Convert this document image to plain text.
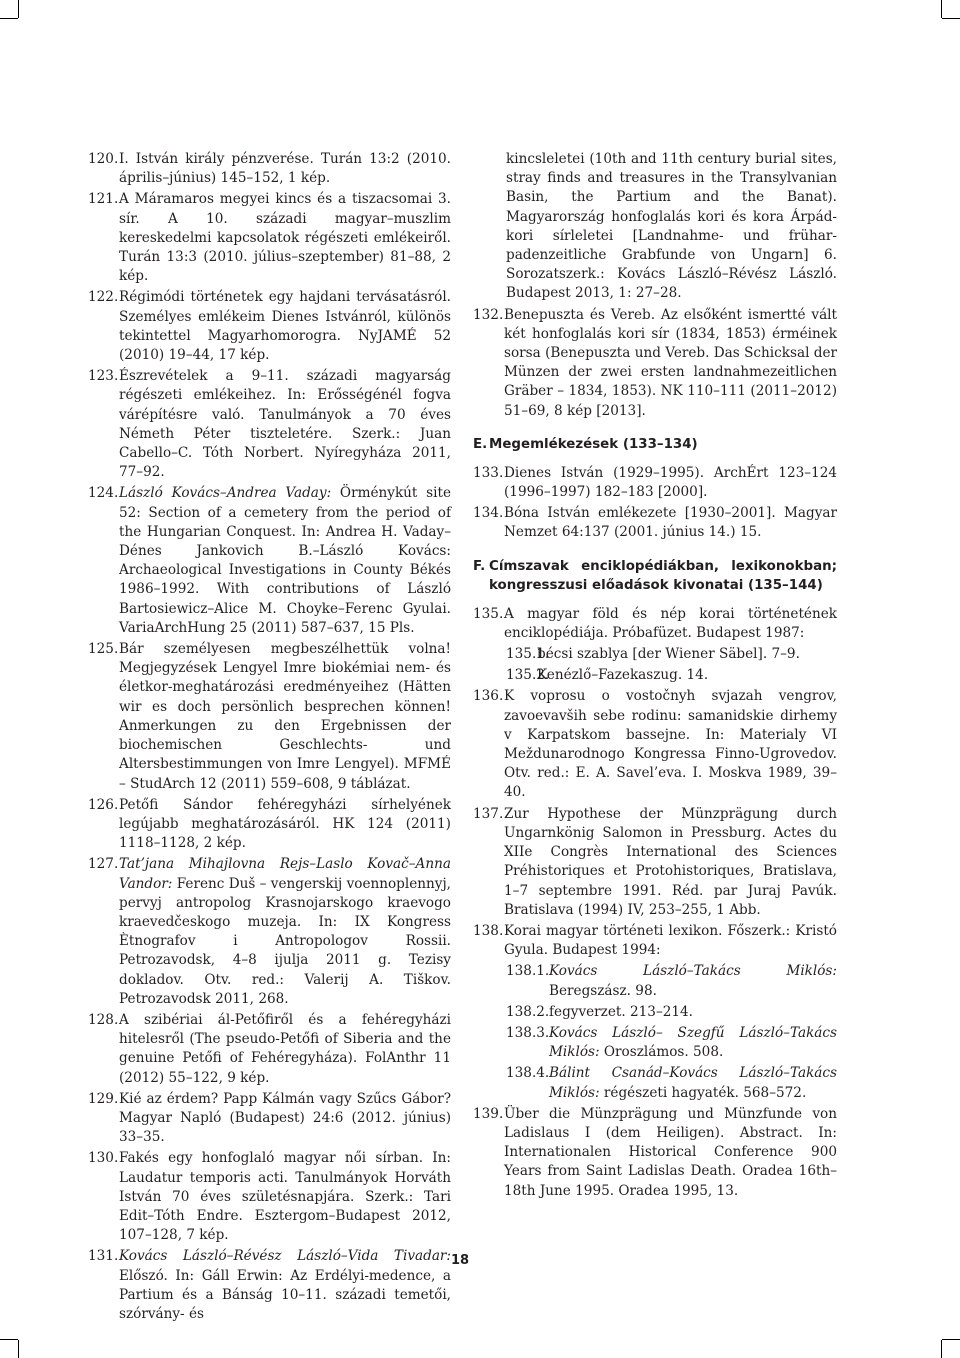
120. I. István király pénzverése. Turán 13:2 (2010. április–június) 145–152, 1 kép.
121. A Máramaros megyei kincs és a tiszacsomai 3. sír. A 10. századi magyar–muszlim kereskedelmi kapcsolatok régészeti emlékeiről. Turán 13:3 (2010. július–szeptember) 81–88, 2 kép.
122. Régimódi történetek egy hajdani tervásatásról. Személyes emlékeim Dienes Istvánról, különös tekintettel Magyarhomorogra. NyJAMÉ 52 (2010) 19–44, 17 kép.
123. Észrevételek a 9–11. századi magyarság régészeti emlékeihez. In: Erősségénél fogva várépítésre való. Tanulmányok a 70 éves Németh Péter tiszteletére. Szerk.: Juan Cabello–C. Tóth Norbert. Nyíregyháza 2011, 77–92.
124. László Kovács–Andrea Vaday: Örménykút site 52: Section of a cemetery from the period of the Hungarian Conquest. In: Andrea H. Vaday–Dénes Jankovich B.–László Kovács: Archaeological Investigations in County Békés 1986–1992. With contributions of László Bartosiewicz–Alice M. Choyke–Ferenc Gyulai. VariaArchHung 25 (2011) 587–637, 15 Pls.
125. Bár személyesen megbeszélhettük volna! Megjegyzések Lengyel Imre biokémiai nem- és életkor-meghatározási eredményeihez (Hätten wir es doch persönlich besprechen können! Anmerkungen zu den Ergebnissen der biochemischen Geschlechts- und Altersbestimmungen von Imre Lengyel). MFMÉ – StudArch 12 (2011) 559–608, 9 táblázat.
126. Petőfi Sándor fehéregyházi sírhelyének legújabb meghatározásáról. HK 124 (2011) 1118–1128, 2 kép.
127. Tat’jana Mihajlovna Rejs–Laslo Kovač–Anna Vandor: Ferenc Duš – vengerskij voennoplennyj, pervyj antropolog Krasnojarskogo kraevogo kraevedčeskogo muzeja. In: IX Kongress Ètnografov i Antropologov Rossii. Petrozavodsk, 4–8 ijulja 2011 g. Tezisy dokladov. Otv. red.: Valerij A. Tiškov. Petrozavodsk 2011, 268.
128. A szibériai ál-Petőfiről és a fehéregyházi hitelesről (The pseudo-Petőfi of Siberia and the genuine Petőfi of Fehéregyháza). FolAnthr 11 (2012) 55–122, 9 kép.
129. Kié az érdem? Papp Kálmán vagy Szűcs Gábor? Magyar Napló (Budapest) 24:6 (2012. június) 33–35.
130. Fakés egy honfoglaló magyar női sírban. In: Laudatur temporis acti. Tanulmányok Horváth István 70 éves születésnapjára. Szerk.: Tari Edit–Tóth Endre. Esztergom–Budapest 2012, 107–128, 7 kép.
131. Kovács László–Révész László–Vida Tivadar: Előszó. In: Gáll Erwin: Az Erdélyi-medence, a Partium és a Bánság 10–11. századi temetői, szórvány- és
kincsleletei (10th and 11th century burial sites, stray finds and treasures in the Transylvanian Basin, the Partium and the Banat). Magyarország honfoglalás kori és kora Árpád-kori sírleletei [Landnahme- und früharpadenzeitliche Grabfunde von Ungarn] 6. Sorozatszerk.: Kovács László–Révész László. Budapest 2013, 1: 27–28.
132. Benepuszta és Vereb. Az elsőként ismertté vált két honfoglalás kori sír (1834, 1853) érméinek sorsa (Benepuszta und Vereb. Das Schicksal der Münzen der zwei ersten landnahmezeitlichen Gräber – 1834, 1853). NK 110–111 (2011–2012) 51–69, 8 kép [2013].
E. Megemlékezések (133–134)
133. Dienes István (1929–1995). ArchÉrt 123–124 (1996–1997) 182–183 [2000].
134. Bóna István emlékezete [1930–2001]. Magyar Nemzet 64:137 (2001. június 14.) 15.
F. Címszavak enciklopédiákban, lexikonokban; kongresszusi előadások kivonatai (135–144)
135. A magyar föld és nép korai történetének enciklopédiája. Próbafüzet. Budapest 1987:
135.1.
bécsi szablya [der Wiener Säbel]. 7–9.
135.2.
Kenézlő–Fazekaszug. 14.
136. K voprosu o vostočnyh svjazah vengrov, zavoevavših sebe rodinu: samanidskie dirhemy v Karpatskom bassejne. In: Materialy VI Meždunarodnogo Kongressa Finno-Ugrovedov. Otv. red.: E. A. Savel’eva. I. Moskva 1989, 39–40.
137. Zur Hypothese der Münzprägung durch Ungarnkönig Salomon in Pressburg. Actes du XIIe Congrès International des Sciences Préhistoriques et Protohistoriques, Bratislava, 1–7 septembre 1991. Réd. par Juraj Pavúk. Bratislava (1994) IV, 253–255, 1 Abb.
138. Korai magyar történeti lexikon. Főszerk.: Kristó Gyula. Budapest 1994:
138.1. Kovács László–Takács Miklós: Beregszász. 98.
138.2. fegyverzet. 213–214.
138.3. Kovács László– Szegfű László–Takács Miklós: Oroszlámos. 508.
138.4. Bálint Csanád–Kovács László–Takács Miklós: régészeti hagyaték. 568–572.
139. Über die Münzprägung und Münzfunde von Ladislaus I (dem Heiligen). Abstract. In: Internationalen Historical Conference 900 Years from Saint Ladislas Death. Oradea 16th–18th June 1995. Oradea 1995, 13.
18
